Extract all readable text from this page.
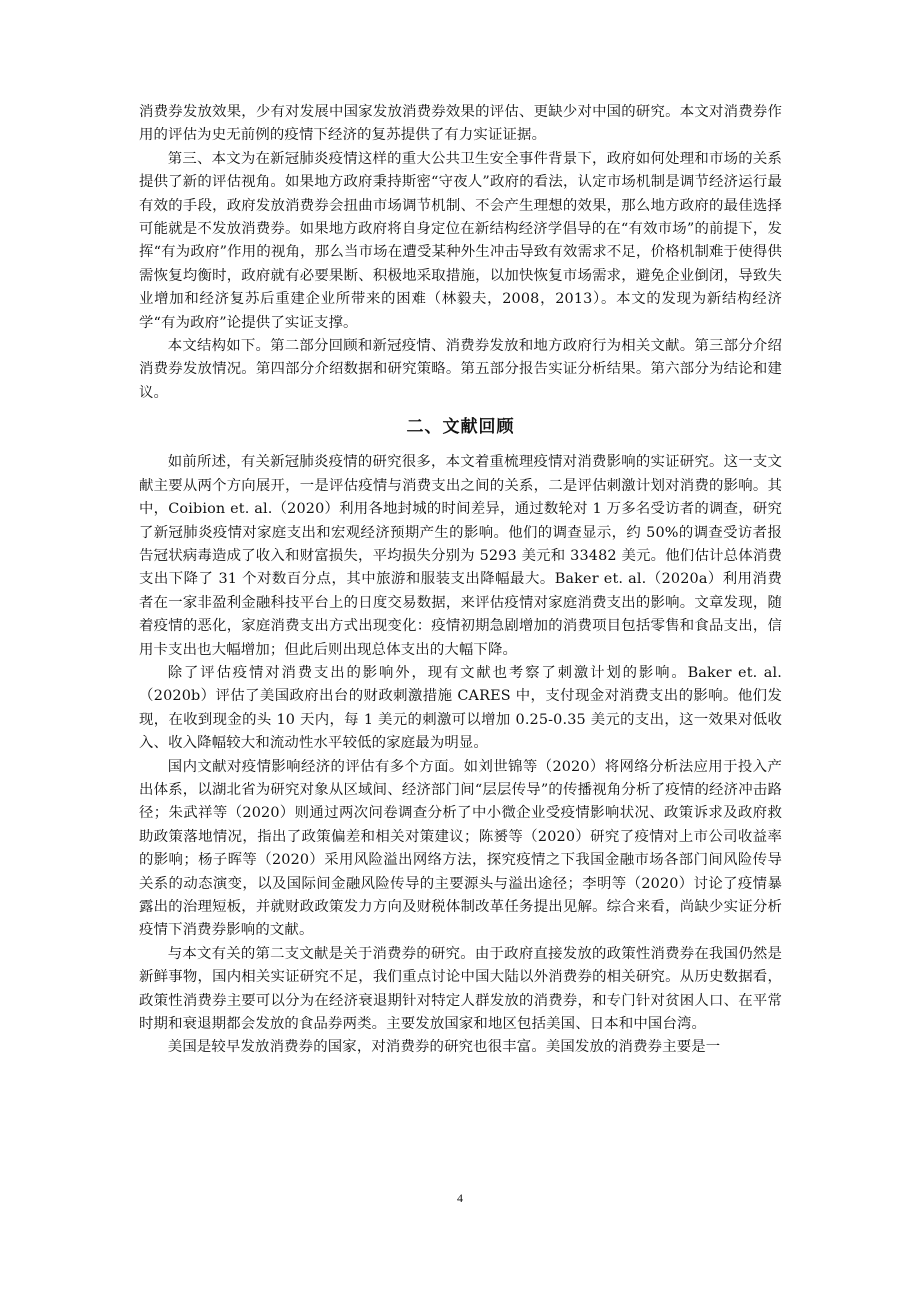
消费券发放效果，少有对发展中国家发放消费券效果的评估、更缺少对中国的研究。本文对消费券作用的评估为史无前例的疫情下经济的复苏提供了有力实证证据。

第三、本文为在新冠肺炎疫情这样的重大公共卫生安全事件背景下，政府如何处理和市场的关系提供了新的评估视角。如果地方政府秉持斯密“守夜人”政府的看法，认定市场机制是调节经济运行最有效的手段，政府发放消费券会扭曲市场调节机制、不会产生理想的效果，那么地方政府的最佳选择可能就是不发放消费券。如果地方政府将自身定位在新结构经济学倡导的在“有效市场”的前提下，发挥“有为政府”作用的视角，那么当市场在遭受某种外生冲击导致有效需求不足，价格机制难于使得供需恢复均衡时，政府就有必要果断、积极地采取措施，以加快恢复市场需求，避免企业倒闭，导致失业增加和经济复苏后重建企业所带来的困难（林毅夫，2008，2013）。本文的发现为新结构经济学“有为政府”论提供了实证支撑。

本文结构如下。第二部分回顾和新冠疫情、消费券发放和地方政府行为相关文献。第三部分介绍消费券发放情况。第四部分介绍数据和研究策略。第五部分报告实证分析结果。第六部分为结论和建议。

二、文献回顾

如前所述，有关新冠肺炎疫情的研究很多，本文着重梳理疫情对消费影响的实证研究。这一支文献主要从两个方向展开，一是评估疫情与消费支出之间的关系，二是评估刺激计划对消费的影响。其中，Coibion et. al.（2020）利用各地封城的时间差异，通过数轮对 1 万多名受访者的调查，研究了新冠肺炎疫情对家庭支出和宏观经济预期产生的影响。他们的调查显示，约 50%的调查受访者报告冠状病毒造成了收入和财富损失，平均损失分别为 5293 美元和 33482 美元。他们估计总体消费支出下降了 31 个对数百分点，其中旅游和服装支出降幅最大。Baker et. al.（2020a）利用消费者在一家非盈利金融科技平台上的日度交易数据，来评估疫情对家庭消费支出的影响。文章发现，随着疫情的恶化，家庭消费支出方式出现变化：疫情初期急剧增加的消费项目包括零售和食品支出，信用卡支出也大幅增加；但此后则出现总体支出的大幅下降。

除了评估疫情对消费支出的影响外，现有文献也考察了刺激计划的影响。Baker et. al.（2020b）评估了美国政府出台的财政刺激措施 CARES 中，支付现金对消费支出的影响。他们发现，在收到现金的头 10 天内，每 1 美元的刺激可以增加 0.25-0.35 美元的支出，这一效果对低收入、收入降幅较大和流动性水平较低的家庭最为明显。

国内文献对疫情影响经济的评估有多个方面。如刘世锦等（2020）将网络分析法应用于投入产出体系，以湖北省为研究对象从区域间、经济部门间“层层传导”的传播视角分析了疫情的经济冲击路径；朱武祥等（2020）则通过两次问卷调查分析了中小微企业受疫情影响状况、政策诉求及政府救助政策落地情况，指出了政策偏差和相关对策建议；陈赟等（2020）研究了疫情对上市公司收益率的影响；杨子晖等（2020）采用风险溢出网络方法，探究疫情之下我国金融市场各部门间风险传导关系的动态演变，以及国际间金融风险传导的主要源头与溢出途径；李明等（2020）讨论了疫情暴露出的治理短板，并就财政政策发力方向及财税体制改革任务提出见解。综合来看，尚缺少实证分析疫情下消费券影响的文献。

与本文有关的第二支文献是关于消费券的研究。由于政府直接发放的政策性消费券在我国仍然是新鲜事物，国内相关实证研究不足，我们重点讨论中国大陆以外消费券的相关研究。从历史数据看，政策性消费券主要可以分为在经济衰退期针对特定人群发放的消费券，和专门针对贫困人口、在平常时期和衰退期都会发放的食品券两类。主要发放国家和地区包括美国、日本和中国台湾。

美国是较早发放消费券的国家，对消费券的研究也很丰富。美国发放的消费券主要是一

4
